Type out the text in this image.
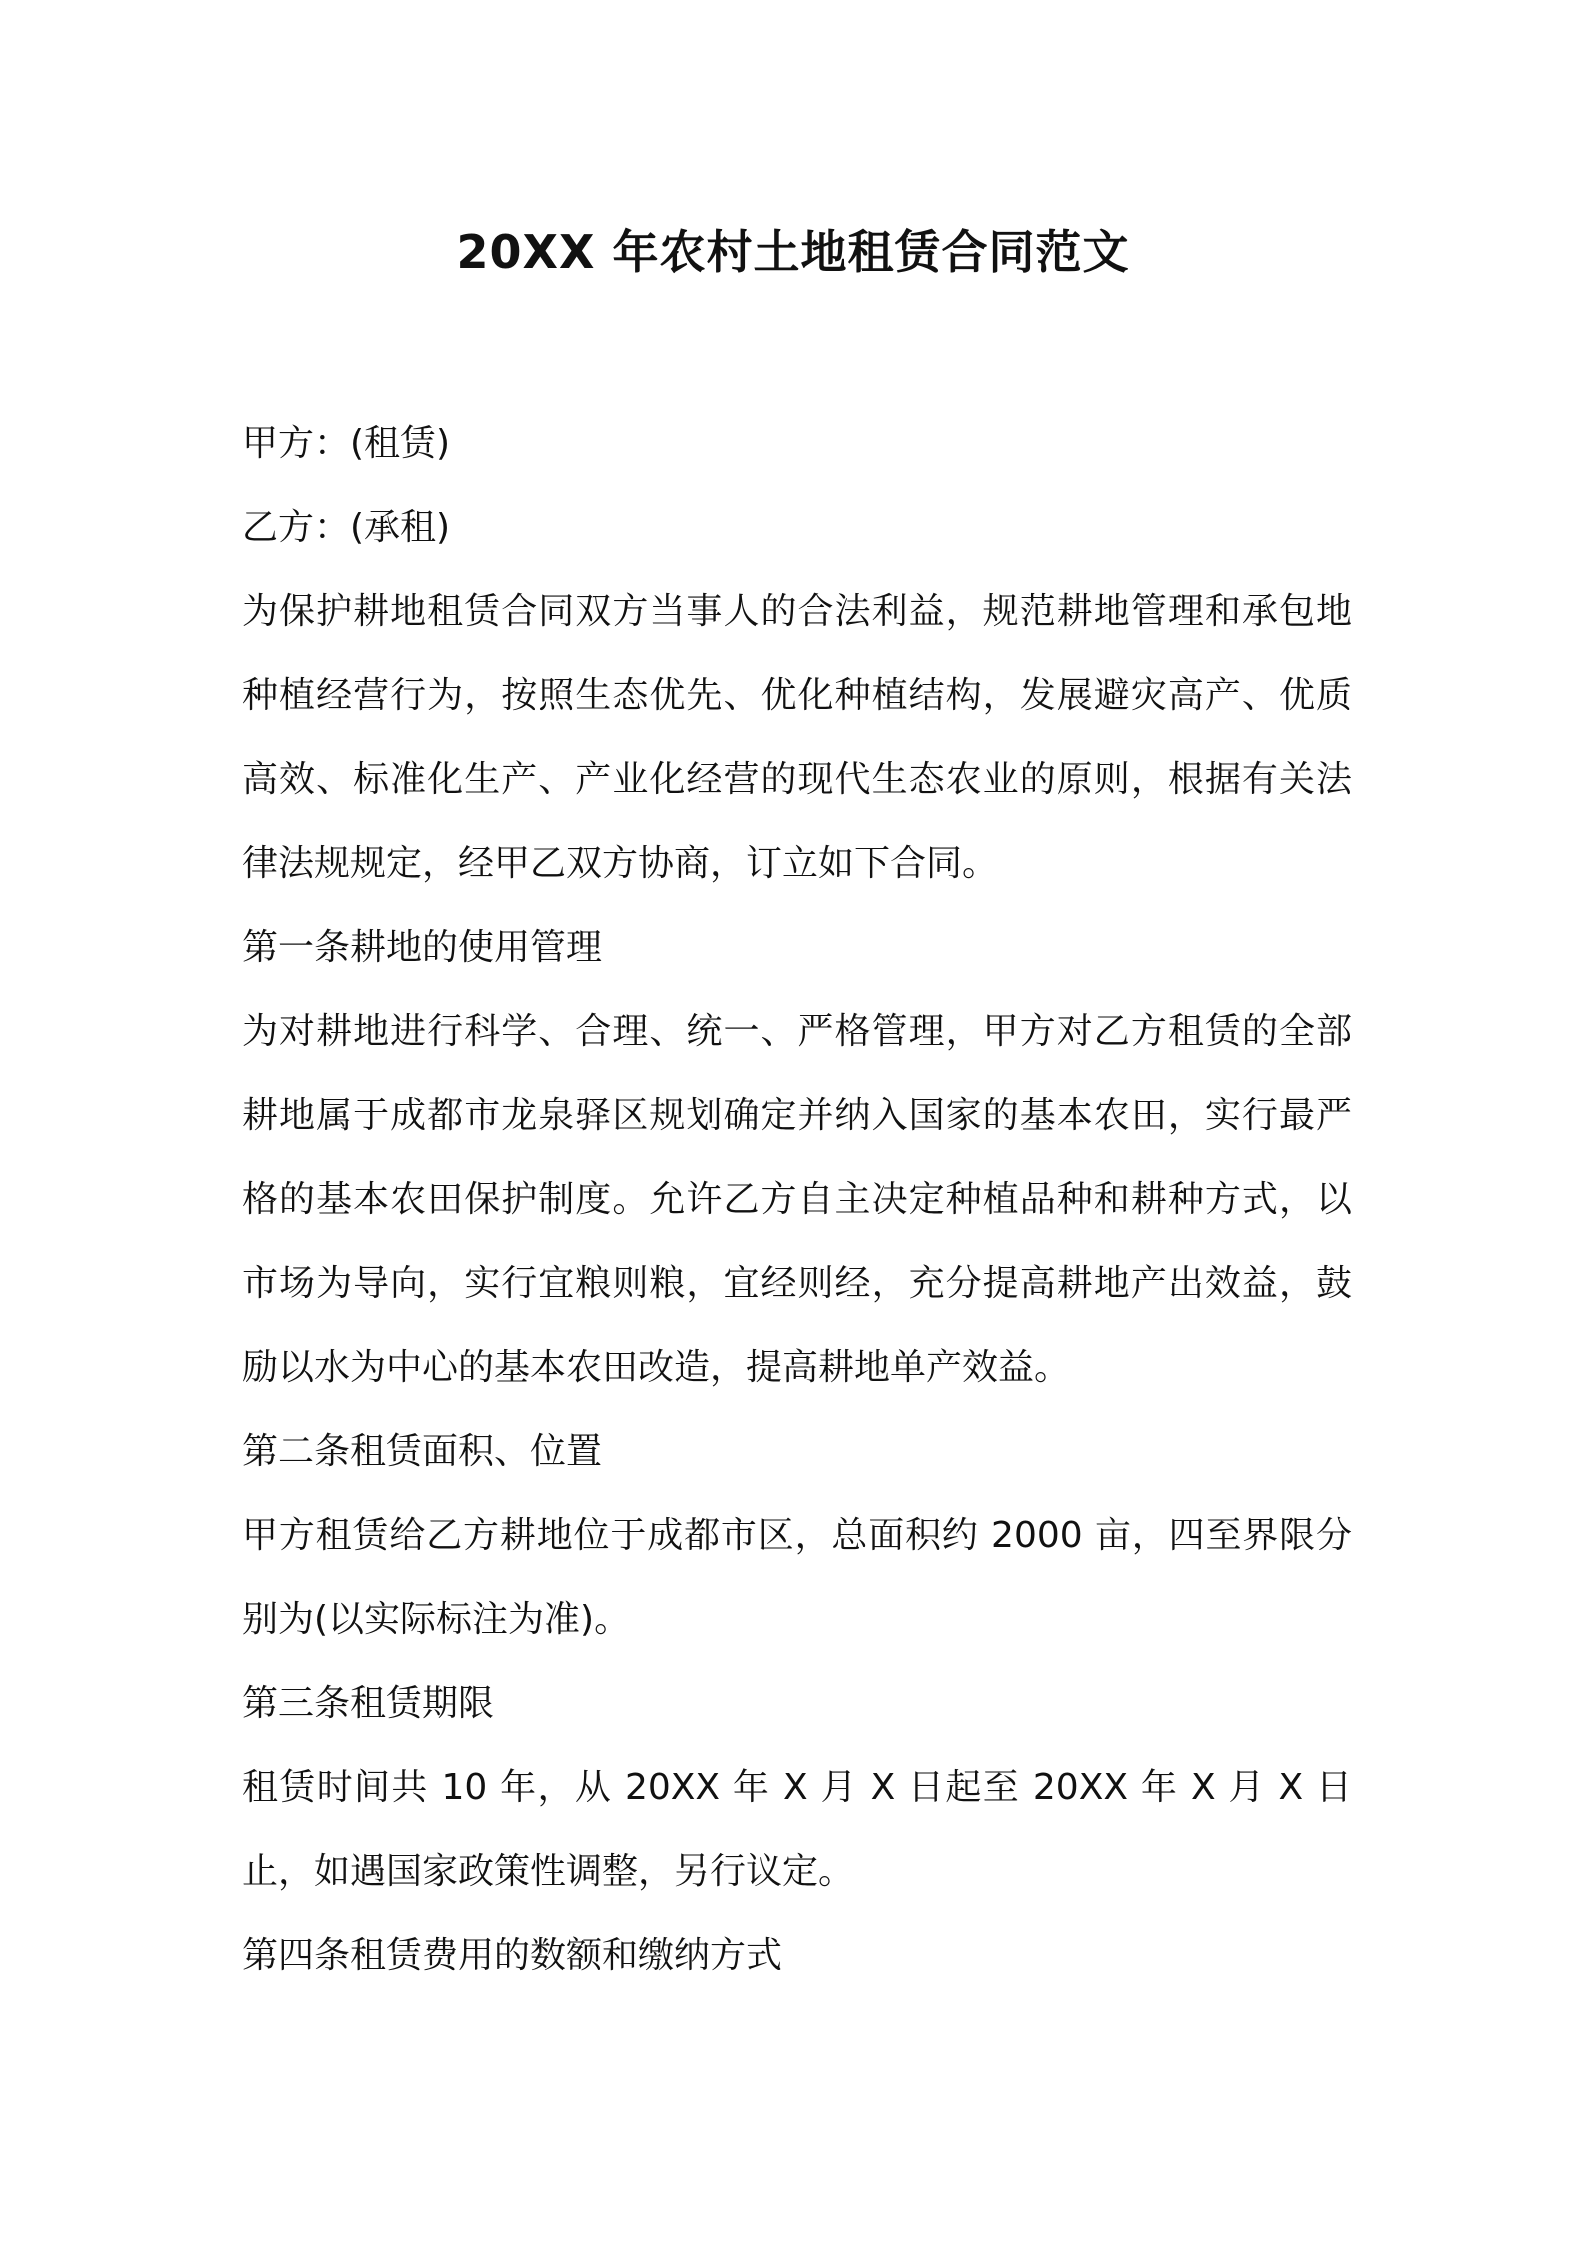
20XX 年农村土地租赁合同范文

甲方：(租赁)

乙方：(承租)

为保护耕地租赁合同双方当事人的合法利益，规范耕地管理和承包地种植经营行为，按照生态优先、优化种植结构，发展避灾高产、优质高效、标准化生产、产业化经营的现代生态农业的原则，根据有关法律法规规定，经甲乙双方协商，订立如下合同。

第一条耕地的使用管理

为对耕地进行科学、合理、统一、严格管理，甲方对乙方租赁的全部耕地属于成都市龙泉驿区规划确定并纳入国家的基本农田，实行最严格的基本农田保护制度。允许乙方自主决定种植品种和耕种方式，以市场为导向，实行宜粮则粮，宜经则经，充分提高耕地产出效益，鼓励以水为中心的基本农田改造，提高耕地单产效益。

第二条租赁面积、位置

甲方租赁给乙方耕地位于成都市区，总面积约 2000 亩，四至界限分别为(以实际标注为准)。

第三条租赁期限

租赁时间共 10 年，从 20XX 年 X 月 X 日起至 20XX 年 X 月 X 日止，如遇国家政策性调整，另行议定。

第四条租赁费用的数额和缴纳方式
